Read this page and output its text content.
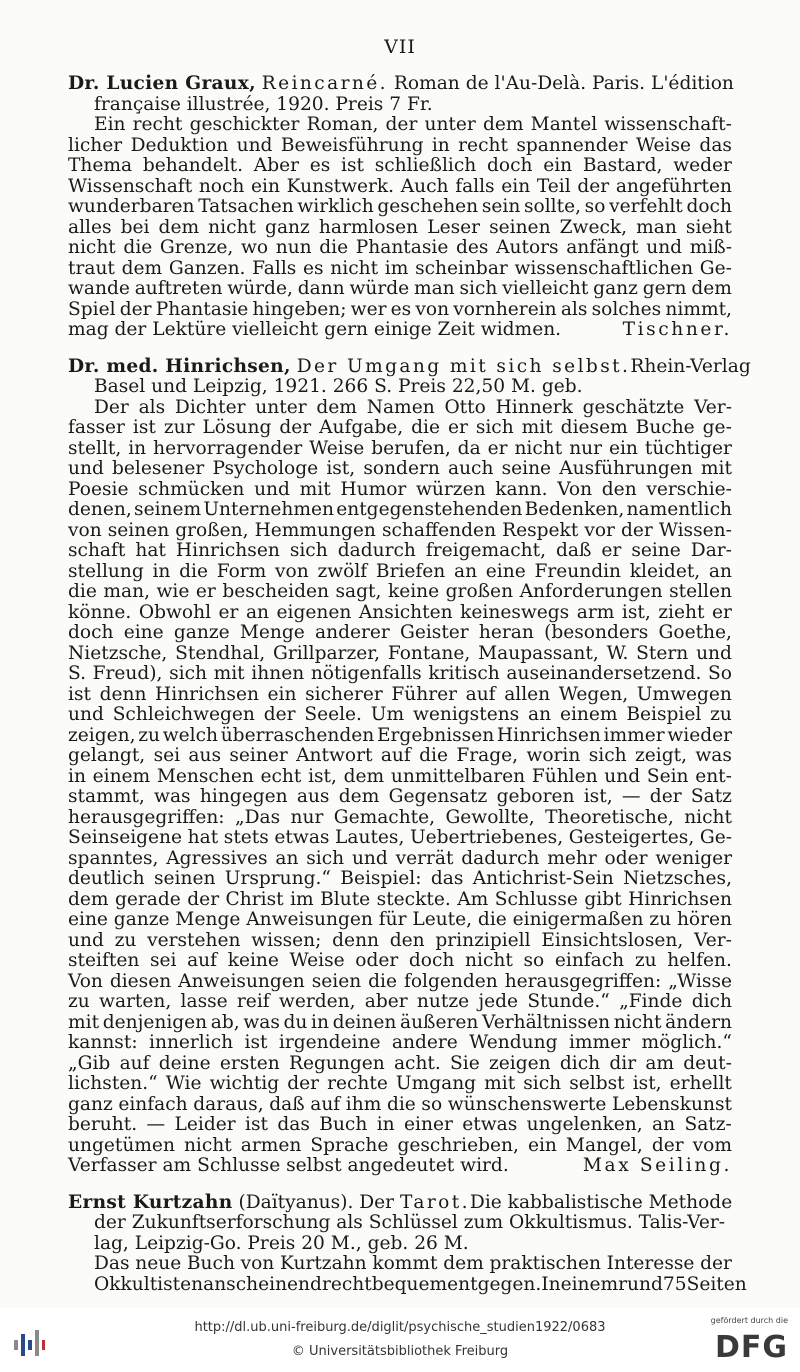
VII
Dr. Lucien Graux, Reincarné. Roman de l'Au-Delà. Paris. L'édition
française illustrée, 1920. Preis 7 Fr.
Ein recht geschickter Roman, der unter dem Mantel wissenschaft-
licher Deduktion und Beweisführung in recht spannender Weise das
Thema behandelt. Aber es ist schließlich doch ein Bastard, weder
Wissenschaft noch ein Kunstwerk. Auch falls ein Teil der angeführten
wunderbaren Tatsachen wirklich geschehen sein sollte, so verfehlt doch
alles bei dem nicht ganz harmlosen Leser seinen Zweck, man sieht
nicht die Grenze, wo nun die Phantasie des Autors anfängt und miß-
traut dem Ganzen. Falls es nicht im scheinbar wissenschaftlichen Ge-
wande auftreten würde, dann würde man sich vielleicht ganz gern dem
Spiel der Phantasie hingeben; wer es von vornherein als solches nimmt,
mag der Lektüre vielleicht gern einige Zeit widmen.	Tischner.
Dr. med. Hinrichsen, Der Umgang mit sich selbst. Rhein-Verlag
Basel und Leipzig, 1921. 266 S. Preis 22,50 M. geb.
Der als Dichter unter dem Namen Otto Hinnerk geschätzte Ver-
fasser ist zur Lösung der Aufgabe, die er sich mit diesem Buche ge-
stellt, in hervorragender Weise berufen, da er nicht nur ein tüchtiger
und belesener Psychologe ist, sondern auch seine Ausführungen mit
Poesie schmücken und mit Humor würzen kann. Von den verschie-
denen, seinem Unternehmen entgegenstehenden Bedenken, namentlich
von seinen großen, Hemmungen schaffenden Respekt vor der Wissen-
schaft hat Hinrichsen sich dadurch freigemacht, daß er seine Dar-
stellung in die Form von zwölf Briefen an eine Freundin kleidet, an
die man, wie er bescheiden sagt, keine großen Anforderungen stellen
könne. Obwohl er an eigenen Ansichten keineswegs arm ist, zieht er
doch eine ganze Menge anderer Geister heran (besonders Goethe,
Nietzsche, Stendhal, Grillparzer, Fontane, Maupassant, W. Stern und
S. Freud), sich mit ihnen nötigenfalls kritisch auseinandersetzend. So
ist denn Hinrichsen ein sicherer Führer auf allen Wegen, Umwegen
und Schleichwegen der Seele. Um wenigstens an einem Beispiel zu
zeigen, zu welch überraschenden Ergebnissen Hinrichsen immer wieder
gelangt, sei aus seiner Antwort auf die Frage, worin sich zeigt, was
in einem Menschen echt ist, dem unmittelbaren Fühlen und Sein ent-
stammt, was hingegen aus dem Gegensatz geboren ist, — der Satz
herausgegriffen: „Das nur Gemachte, Gewollte, Theoretische, nicht
Seinseigene hat stets etwas Lautes, Uebertriebenes, Gesteigertes, Ge-
spanntes, Agressives an sich und verrät dadurch mehr oder weniger
deutlich seinen Ursprung.“ Beispiel: das Antichrist-Sein Nietzsches,
dem gerade der Christ im Blute steckte. Am Schlusse gibt Hinrichsen
eine ganze Menge Anweisungen für Leute, die einigermaßen zu hören
und zu verstehen wissen; denn den prinzipiell Einsichtslosen, Ver-
steiften sei auf keine Weise oder doch nicht so einfach zu helfen.
Von diesen Anweisungen seien die folgenden herausgegriffen: „Wisse
zu warten, lasse reif werden, aber nutze jede Stunde.“ „Finde dich
mit denjenigen ab, was du in deinen äußeren Verhältnissen nicht ändern
kannst: innerlich ist irgendeine andere Wendung immer möglich.“
„Gib auf deine ersten Regungen acht. Sie zeigen dich dir am deut-
lichsten.“ Wie wichtig der rechte Umgang mit sich selbst ist, erhellt
ganz einfach daraus, daß auf ihm die so wünschenswerte Lebenskunst
beruht. — Leider ist das Buch in einer etwas ungelenken, an Satz-
ungetümen nicht armen Sprache geschrieben, ein Mangel, der vom
Verfasser am Schlusse selbst angedeutet wird.	Max Seiling.
Ernst Kurtzahn (Daïtyanus). Der Tarot. Die kabbalistische Methode
der Zukunftserforschung als Schlüssel zum Okkultismus. Talis-Ver-
lag, Leipzig-Go. Preis 20 M., geb. 26 M.
Das neue Buch von Kurtzahn kommt dem praktischen Interesse der
Okkultisten anscheinend recht bequem entgegen. In einem rund 75 Seiten
http://dl.ub.uni-freiburg.de/diglit/psychische_studien1922/0683
© Universitätsbibliothek Freiburg
gefördert durch die
DFG
